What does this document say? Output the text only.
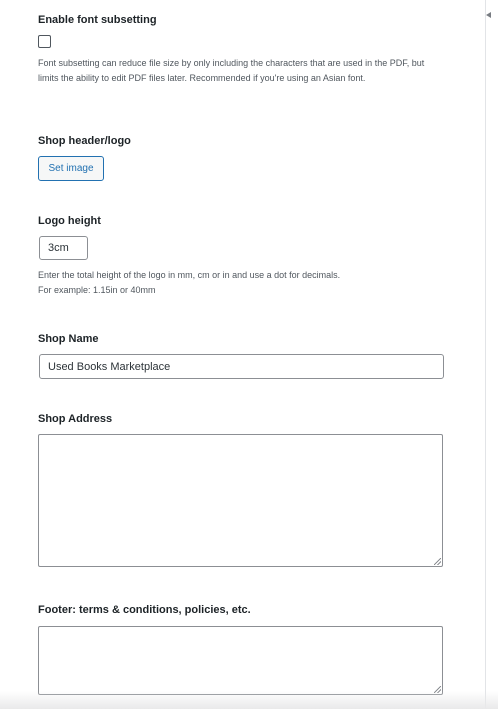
Enable font subsetting
Font subsetting can reduce file size by only including the characters that are used in the PDF, but limits the ability to edit PDF files later. Recommended if you're using an Asian font.
Shop header/logo
Set image
Logo height
3cm
Enter the total height of the logo in mm, cm or in and use a dot for decimals.
For example: 1.15in or 40mm
Shop Name
Used Books Marketplace
Shop Address
Footer: terms & conditions, policies, etc.
